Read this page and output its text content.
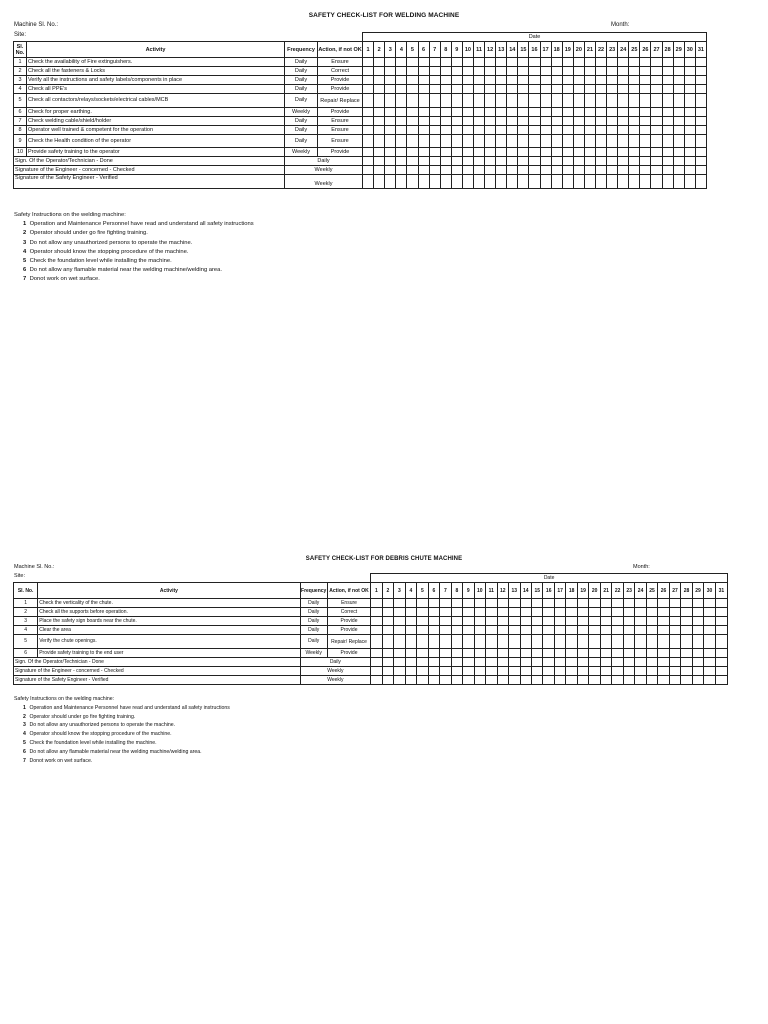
SAFETY CHECK-LIST FOR WELDING MACHINE
Machine Sl. No.:	Month:
Site:
				Date																														
Sl. No.	Activity	Frequency	Action, if not OK	1	2	3	4	5	6	7	8	9	10	11	12	13	14	15	16	17	18	19	20	21	22	23	24	25	26	27	28	29	30	31
1	Check the availability of Fire extinguishers.	Daily	Ensure																															
2	Check all the fasteners & Locks	Daily	Correct																															
3	Verify all the instructions and safety labels/components in place	Daily	Provide																															
4	Check all PPE's	Daily	Provide																															
5	Check all contactors/relays/sockets/electrical cables/MCB	Daily	Repair/ Replace																															
6	Check for proper earthing.	Weekly	Provide																															
7	Check welding cable/shield/holder	Daily	Ensure																															
8	Operator well trained & competent for the operation	Daily	Ensure																															
9	Check the Health condition of the operator	Daily	Ensure																															
10	Provide safety training to the operator	Weekly	Provide																															
Sign. Of the Operator/Technician - Done		Daily																																
Signature of the Engineer - concerned - Checked		Weekly																																
Signature of the Safety Engineer - Verified		Weekly																																
Safety Instructions on the welding machine:
1 Operation and Maintenance Personnel have read and understand all safety instructions
2 Operator should under go fire fighting training.
3 Do not allow any unauthorized persons to operate the machine.
4 Operator should know the stopping procedure of the machine.
5 Check the foundation level while installing the machine.
6 Do not allow any flamable material near the welding machine/welding area.
7 Donot work on wet surface.
SAFETY CHECK-LIST FOR DEBRIS CHUTE MACHINE
Machine Sl. No.:	Month:
Site:
				Date																														
Sl. No.	Activity	Frequency	Action, if not OK	1	2	3	4	5	6	7	8	9	10	11	12	13	14	15	16	17	18	19	20	21	22	23	24	25	26	27	28	29	30	31
1	Check the verticality of the chute.	Daily	Ensure																															
2	Check all the supports before operation.	Daily	Correct																															
3	Place the safety sign boards near the chute.	Daily	Provide																															
4	Clear the area	Daily	Provide																															
5	Verify the chute openings.	Daily	Repair/ Replace																															
6	Provide safety training to the end user	Weekly	Provide																															
Sign. Of the Operator/Technician - Done		Daily																																
Signature of the Engineer - concerned - Checked		Weekly																																
Signature of the Safety Engineer - Verified		Weekly																																
Safety Instructions on the welding machine:
1 Operation and Maintenance Personnel have read and understand all safety instructions
2 Operator should under go fire fighting training.
3 Do not allow any unauthorized persons to operate the machine.
4 Operator should know the stopping procedure of the machine.
5 Check the foundation level while installing the machine.
6 Do not allow any flamable material near the welding machine/welding area.
7 Donot work on wet surface.
